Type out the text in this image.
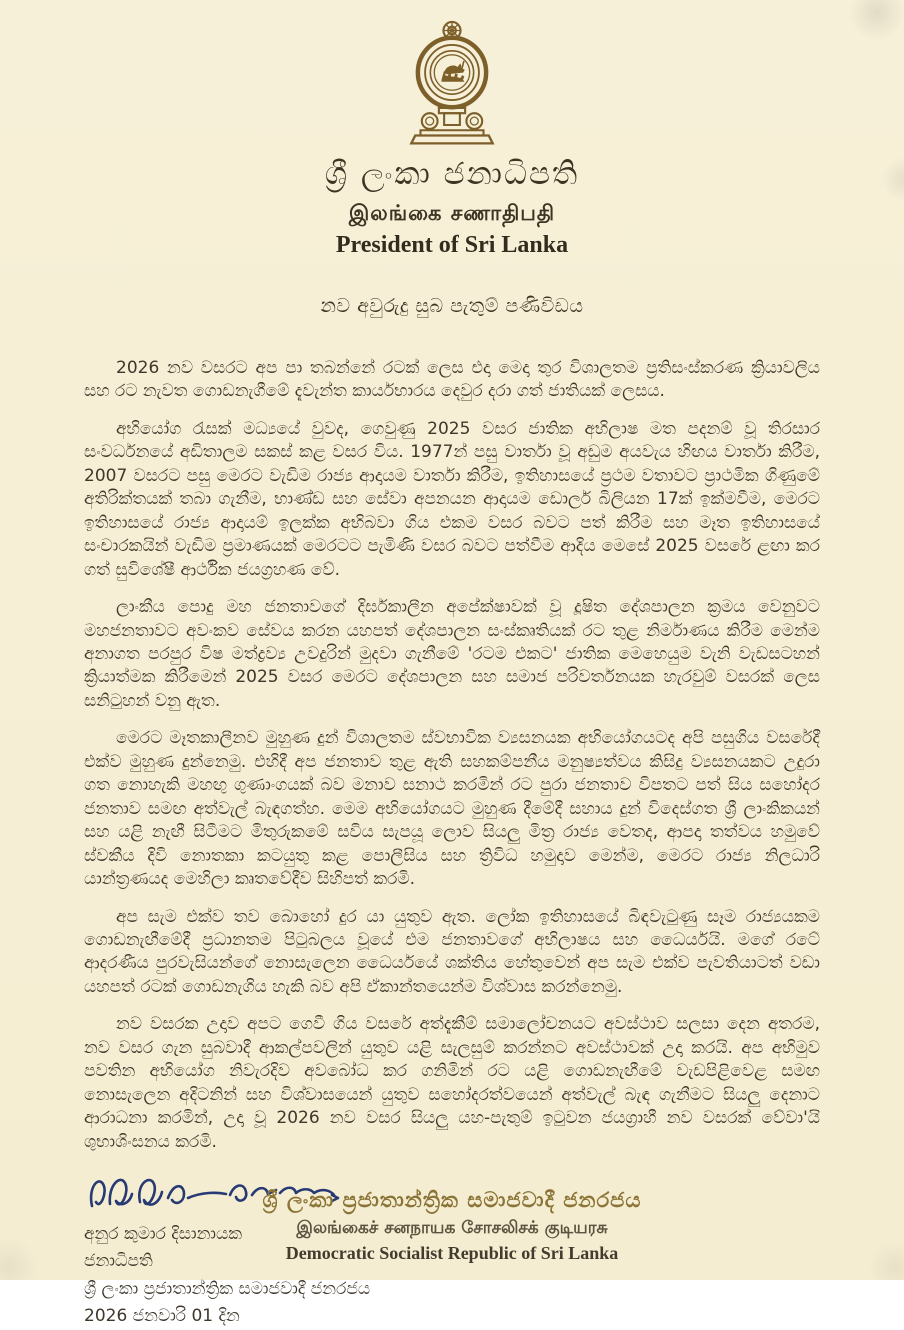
ශ්‍රී ලංකා ජනාධිපති
இலங்கை சணாதிபதி
President of Sri Lanka
නව අවුරුදු සුබ පැතුම් පණිවිඩය

2026 නව වසරට අප පා තබන්නේ රටක් ලෙස එදා මෙදා තුර විශාලතම ප්‍රතිසංස්කරණ ක්‍රියාවලිය සහ රට නැවත ගොඩනැගීමේ දැවැන්ත කාර්යභාරය දෙවුර දරා ගත් ජාතියක් ලෙසය.

අභියෝග රැසක් මධ්‍යයේ වුවද, ගෙවුණු 2025 වසර ජාතික අභිලාෂ මත පදනම් වූ තිරසාර සංවර්ධනයේ අඩිතාලම සකස් කළ වසර විය. 1977න් පසු වාර්තා වූ අඩුම අයවැය හිඟය වාර්තා කිරීම, 2007 වසරට පසු මෙරට වැඩිම රාජ්‍ය ආදායම වාර්තා කිරීම, ඉතිහාසයේ ප්‍රථම වතාවට ප්‍රාථමික ගිණුමේ අතිරික්තයක් තබා ගැනීම, භාණ්ඩ සහ සේවා අපනයන ආදායම ඩොලර් බිලියන 17ක් ඉක්මවීම, මෙරට ඉතිහාසයේ රාජ්‍ය ආදායම් ඉලක්ක අභිබවා ගිය එකම වසර බවට පත් කිරීම සහ මෑත ඉතිහාසයේ සංචාරකයින් වැඩිම ප්‍රමාණයක් මෙරටට පැමිණි වසර බවට පත්වීම ආදිය මෙසේ 2025 වසරේ ළඟා කර ගත් සුවිශේෂී ආර්ථික ජයග්‍රහණ වේ.

ලාංකීය පොදු මහ ජනතාවගේ දිර්ඝකාලීන අපේක්ෂාවක් වූ දූෂිත දේශපාලන ක්‍රමය වෙනුවට මහජනතාවට අවංකව සේවය කරන යහපත් දේශපාලන සංස්කෘතියක් රට තුළ නිර්මාණය කිරීම මෙන්ම අනාගත පරපුර විෂ මත්ද්‍රව්‍ය උවදුරින් මුදවා ගැනීමේ 'රටම එකට' ජාතික මෙහෙයුම වැනි වැඩසටහන් ක්‍රියාත්මක කිරීමෙන් 2025 වසර මෙරට දේශපාලන සහ සමාජ පරිවර්තනයක හැරවුම් වසරක් ලෙස සනිටුහන් වනු ඇත.

මෙරට මෑතකාලීනව මුහුණ දුන් විශාලතම ස්වභාවික ව්‍යසනයක අභියෝගයටද අපි පසුගිය වසරේදී එක්ව මුහුණ දුන්නෙමු. එහිදී අප ජනතාව තුළ ඇති සහකම්පනීය මනුෂ්‍යත්වය කිසිදු ව්‍යසනයකට උදුරා ගත නොහැකි මහඟු ගුණාංගයක් බව මනාව සනාථ කරමින් රට පුරා ජනතාව විපතට පත් සිය සහෝදර ජනතාව සමඟ අත්වැල් බැඳගත්හ. මෙම අභියෝගයට මුහුණ දීමේදී සහාය දුන් විදෙස්ගත ශ්‍රී ලාංකිකයන් සහ යළි නැඟී සිටීමට මිතුරුකමේ සවිය සැපයූ ලොව සියලු මිත්‍ර රාජ්‍ය වෙතද, ආපදා තත්වය හමුවේ ස්වකීය දිවි නොතකා කටයුතු කළ පොලීසිය සහ ත්‍රිවිධ හමුදාව මෙන්ම, මෙරට රාජ්‍ය නිලධාරි යාන්ත්‍රණයද මෙහිලා කෘතවේදීව සිහිපත් කරමි.

අප සැම එක්ව තව බොහෝ දුර යා යුතුව ඇත. ලෝක ඉතිහාසයේ බිඳවැටුණු සෑම රාජ්‍යයකම ගොඩනැඟීමේදී ප්‍රධානතම පිටුබලය වූයේ එම ජනතාවගේ අභිලාෂය සහ ධෛර්යයි. මගේ රටේ ආදරණීය පුරවැසියන්ගේ නොසැලෙන ධෛර්යයේ ශක්තිය හේතුවෙන් අප සැම එක්ව පැවතියාටත් වඩා යහපත් රටක් ගොඩනැගිය හැකි බව අපි ඒකාන්තයෙන්ම විශ්වාස කරන්නෙමු.

නව වසරක උදාව අපට ගෙවී ගිය වසරේ අත්දැකීම් සමාලෝචනයට අවස්ථාව සලසා දෙන අතරම, නව වසර ගැන සුබවාදී ආකල්පවලින් යුතුව යළි සැලසුම් කරන්නට අවස්ථාවක් උදා කරයි. අප අභිමුව පවතින අභියෝග නිවැරදිව අවබෝධ කර ගනිමින් රට යළි ගොඩනැඟීමේ වැඩපිළිවෙළ සමඟ නොසැලෙන අදිටනින් සහ විශ්වාසයෙන් යුතුව සහෝදරත්වයෙන් අත්වැල් බැඳ ගැනීමට සියලු දෙනාට ආරාධනා කරමින්, උදා වූ 2026 නව වසර සියලු යහ-පැතුම් ඉටුවන ජයග්‍රාහී නව වසරක් වේවා'යි ශුභාශිංසනය කරමි.

අනුර කුමාර දිසානායක
ජනාධිපති
ශ්‍රී ලංකා ප්‍රජාතාන්ත්‍රික සමාජවාදී ජනරජය
2026 ජනවාරි 01 දින
ශ්‍රී ලංකා ප්‍රජාතාන්ත්‍රික සමාජවාදී ජනරජය
இலங்கைச் சனநாயக சோசலிசக் குடியரசு
Democratic Socialist Republic of Sri Lanka
